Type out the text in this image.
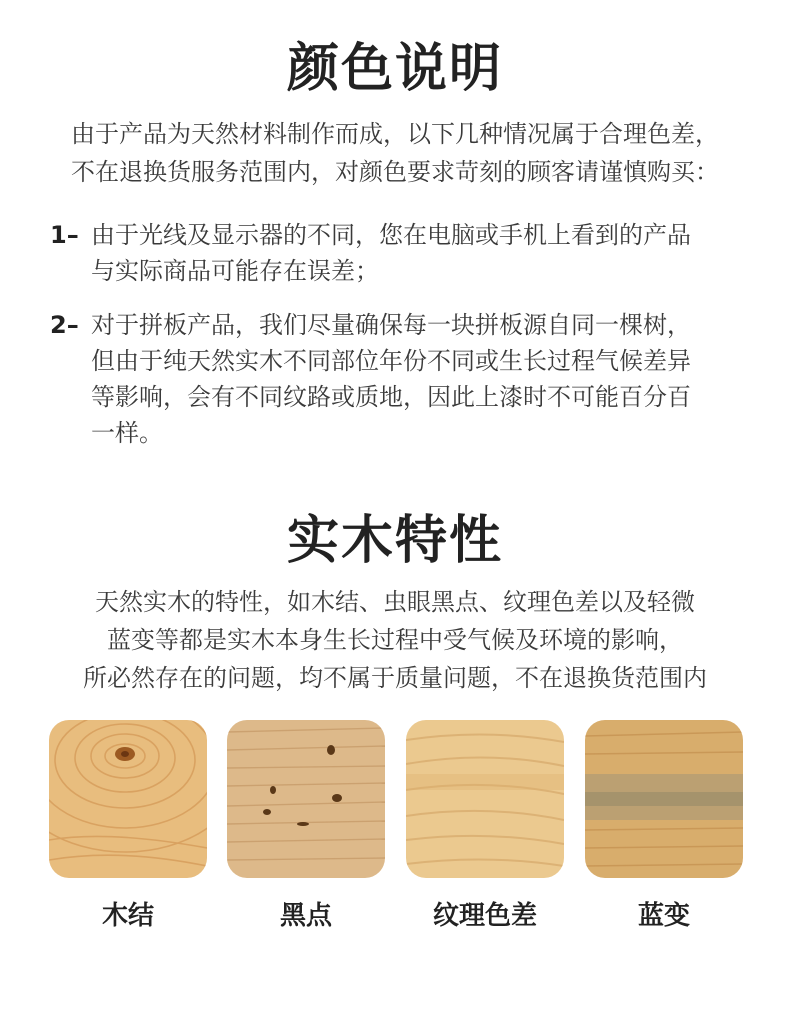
颜色说明
由于产品为天然材料制作而成，以下几种情况属于合理色差，
不在退换货服务范围内，对颜色要求苛刻的顾客请谨慎购买：
1– 由于光线及显示器的不同，您在电脑或手机上看到的产品
与实际商品可能存在误差；
2– 对于拼板产品，我们尽量确保每一块拼板源自同一棵树，
但由于纯天然实木不同部位年份不同或生长过程气候差异
等影响，会有不同纹路或质地，因此上漆时不可能百分百
一样。
实木特性
天然实木的特性，如木结、虫眼黑点、纹理色差以及轻微
蓝变等都是实木本身生长过程中受气候及环境的影响，
所必然存在的问题，均不属于质量问题，不在退换货范围内
木结	黑点	纹理色差	蓝变
